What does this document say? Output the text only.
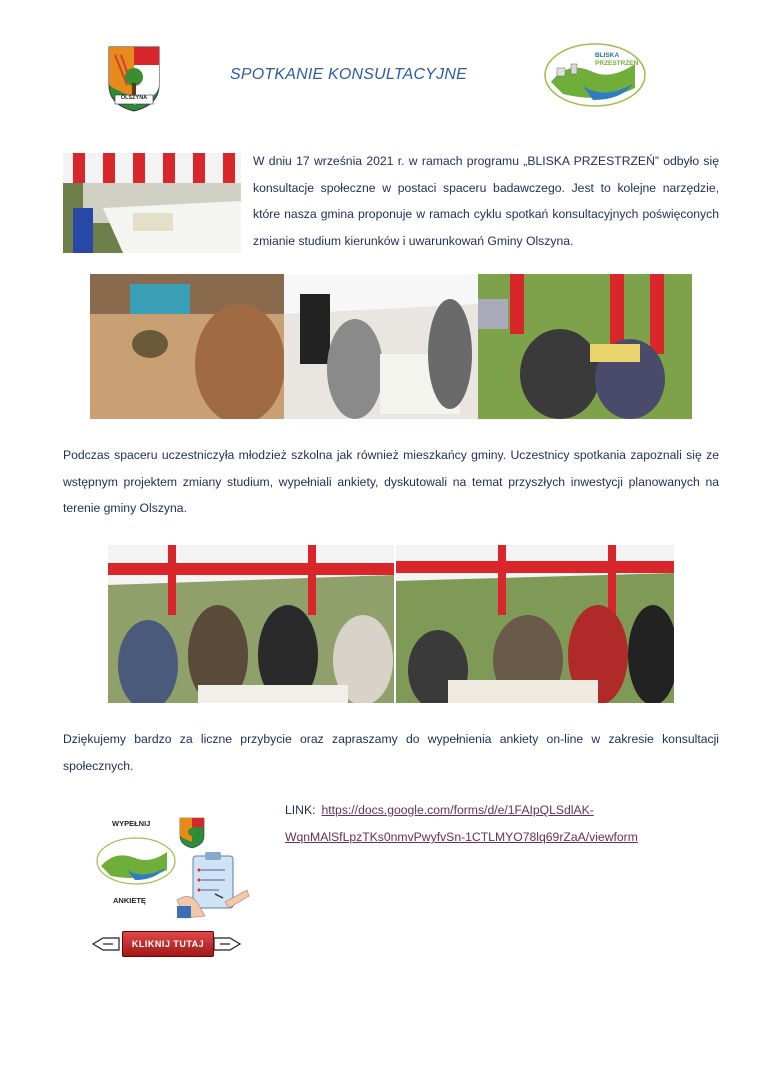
OLSZYNA
SPOTKANIE KONSULTACYJNE
BLISKA
PRZESTRZEŃ
W dniu 17 września 2021 r. w ramach programu „BLISKA PRZESTRZEŃ” odbyło się konsultacje społeczne w postaci spaceru badawczego. Jest to kolejne narzędzie, które nasza gmina proponuje w ramach cyklu spotkań konsultacyjnych poświęconych zmianie studium kierunków i uwarunkowań Gminy Olszyna.
Podczas spaceru uczestniczyła młodzież szkolna jak również mieszkańcy gminy. Uczestnicy spotkania zapoznali się ze wstępnym projektem zmiany studium, wypełniali ankiety, dyskutowali na temat przyszłych inwestycji planowanych na terenie gminy Olszyna.
Dziękujemy bardzo za liczne przybycie oraz zapraszamy do wypełnienia ankiety on-line w zakresie konsultacji społecznych.
WYPEŁNIJ
ANKIETĘ
KLIKNIJ TUTAJ
LINK: https://docs.google.com/forms/d/e/1FAIpQLSdlAK-
WqnMAlSfLpzTKs0nmvPwyfvSn-1CTLMYO78lq69rZaA/viewform
